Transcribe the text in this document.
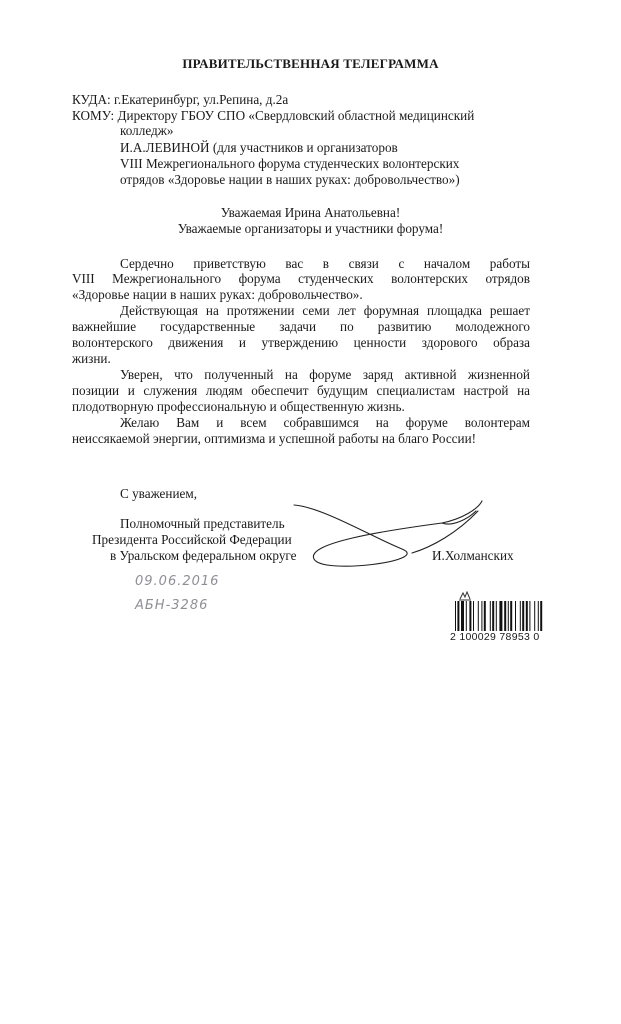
ПРАВИТЕЛЬСТВЕННАЯ ТЕЛЕГРАММА
КУДА: г.Екатеринбург, ул.Репина, д.2а
КОМУ: Директору ГБОУ СПО «Свердловский областной медицинский
колледж»
И.А.ЛЕВИНОЙ (для участников и организаторов
VIII Межрегионального форума студенческих волонтерских
отрядов «Здоровье нации в наших руках: добровольчество»)
Уважаемая Ирина Анатольевна!
Уважаемые организаторы и участники форума!
Сердечно приветствую вас в связи с началом работы
VIII Межрегионального форума студенческих волонтерских отрядов
«Здоровье нации в наших руках: добровольчество».
Действующая на протяжении семи лет форумная площадка решает
важнейшие государственные задачи по развитию молодежного
волонтерского движения и утверждению ценности здорового образа
жизни.
Уверен, что полученный на форуме заряд активной жизненной
позиции и служения людям обеспечит будущим специалистам настрой на
плодотворную профессиональную и общественную жизнь.
Желаю Вам и всем собравшимся на форуме волонтерам
неиссякаемой энергии, оптимизма и успешной работы на благо России!
С уважением,
Полномочный представитель
Президента Российской Федерации
в Уральском федеральном округе	И.Холманских
09.06.2016
АБН-3286
2 100029 78953 0
